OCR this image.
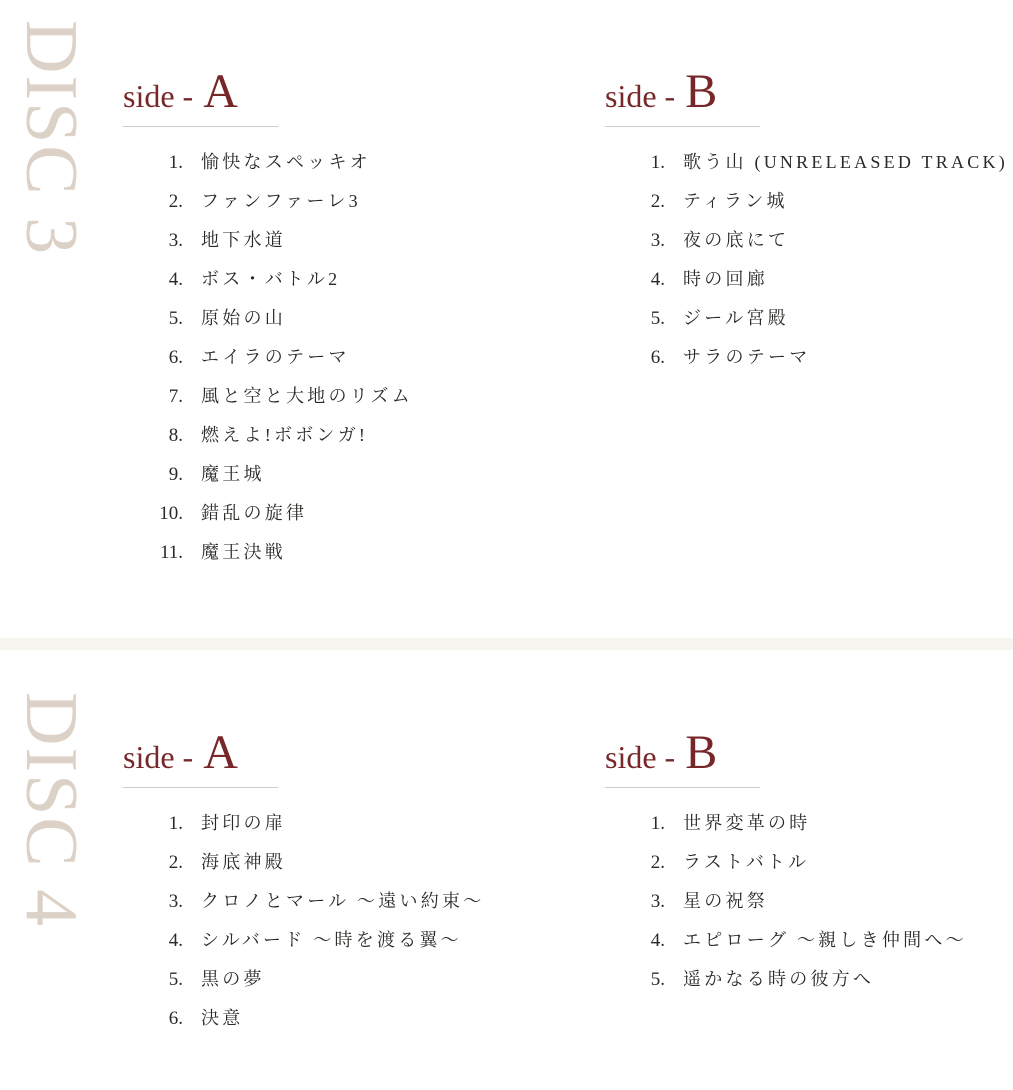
DISC 3 side - A
1. 愉快なスペッキオ
2. ファンファーレ3
3. 地下水道
4. ボス・バトル2
5. 原始の山
6. エイラのテーマ
7. 風と空と大地のリズム
8. 燃えよ!ボボンガ!
9. 魔王城
10. 錯乱の旋律
11. 魔王決戦
side - B
1. 歌う山 (UNRELEASED TRACK)
2. ティラン城
3. 夜の底にて
4. 時の回廊
5. ジール宮殿
6. サラのテーマ
DISC 4 side - A
1. 封印の扉
2. 海底神殿
3. クロノとマール ～遠い約束～
4. シルバード ～時を渡る翼～
5. 黒の夢
6. 決意
side - B
1. 世界変革の時
2. ラストバトル
3. 星の祝祭
4. エピローグ ～親しき仲間へ～
5. 遥かなる時の彼方へ
